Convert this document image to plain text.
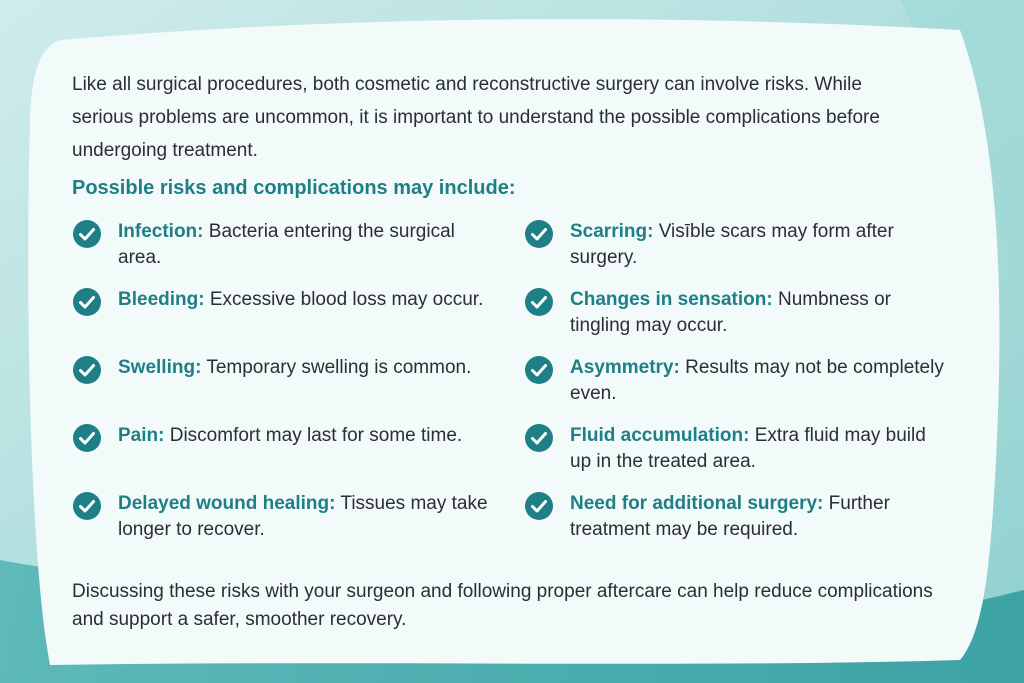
Like all surgical procedures, both cosmetic and reconstructive surgery can involve risks. While serious problems are uncommon, it is important to understand the possible complications before undergoing treatment.

Possible risks and complications may include:
Infection: Bacteria entering the surgical area.
Bleeding: Excessive blood loss may occur.
Swelling: Temporary swelling is common.
Pain: Discomfort may last for some time.
Delayed wound healing: Tissues may take longer to recover.
Scarring: Visīble scars may form after surgery.
Changes in sensation: Numbness or tingling may occur.
Asymmetry: Results may not be completely even.
Fluid accumulation: Extra fluid may build up in the treated area.
Need for additional surgery: Further treatment may be required.

Discussing these risks with your surgeon and following proper aftercare can help reduce complications and support a safer, smoother recovery.
